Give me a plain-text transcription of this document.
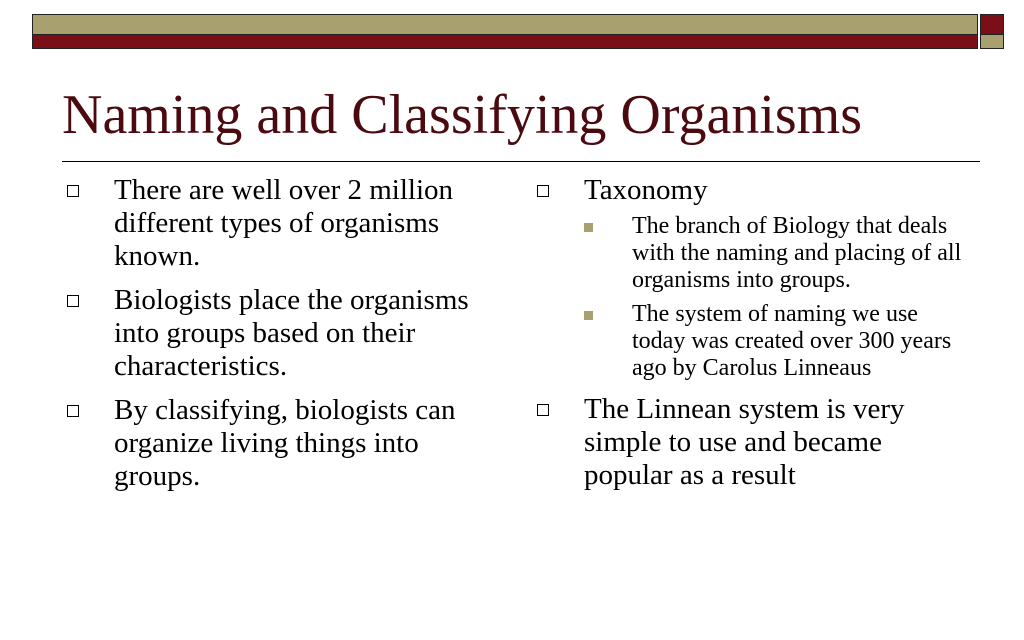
Naming and Classifying Organisms
There are well over 2 million different types of organisms known.
Biologists place the organisms into groups based on their characteristics.
By classifying, biologists can organize living things into groups.
Taxonomy
The branch of Biology that deals with the naming and placing of all organisms into groups.
The system of naming we use today was created over 300 years ago by Carolus Linneaus
The Linnean system is very simple to use and became popular as a result
